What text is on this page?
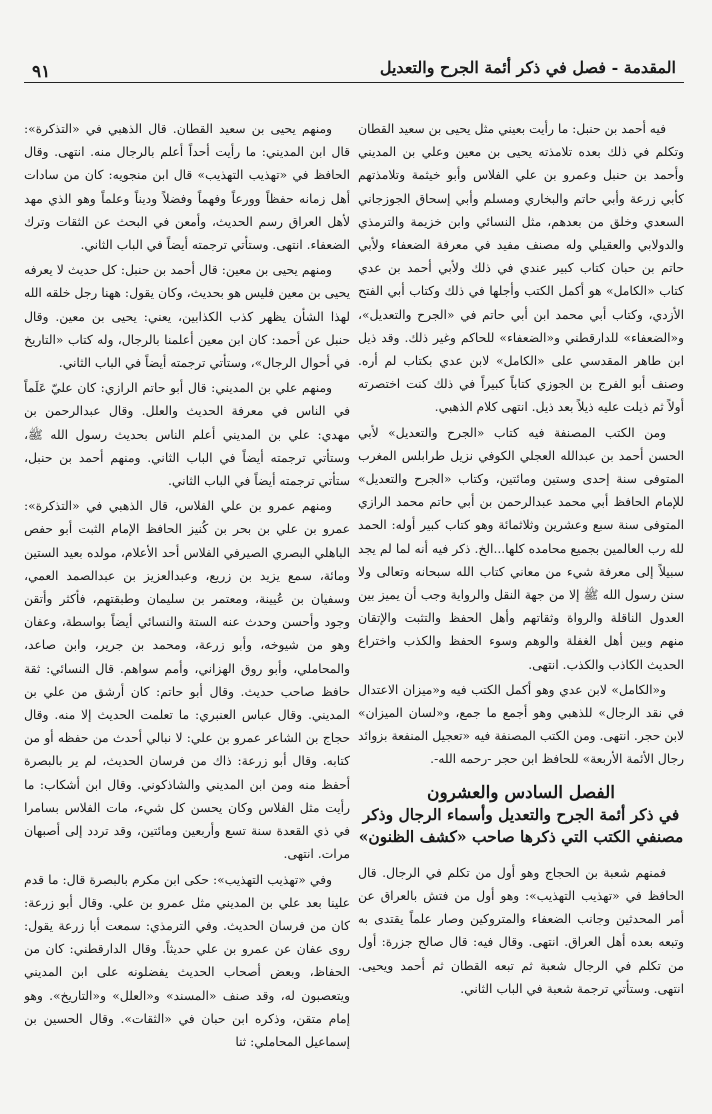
٩١	المقدمة - فصل في ذكر أئمة الجرح والتعديل

فيه أحمد بن حنبل: ما رأيت بعيني مثل يحيى بن سعيد القطان وتكلم في ذلك بعده تلامذته يحيى بن معين وعلي بن المديني وأحمد بن حنبل وعمرو بن علي الفلاس وأبو خيثمة وتلامذتهم كأبي زرعة وأبي حاتم والبخاري ومسلم وأبي إسحاق الجوزجاني السعدي وخلق من بعدهم، مثل النسائي وابن خزيمة والترمذي والدولابي والعقيلي وله مصنف مفيد في معرفة الضعفاء ولأبي حاتم بن حبان كتاب كبير عندي في ذلك ولأبي أحمد بن عدي كتاب «الكامل» هو أكمل الكتب وأجلها في ذلك وكتاب أبي الفتح الأزدي، وكتاب أبي محمد ابن أبي حاتم في «الجرح والتعديل»، و«الضعفاء» للدارقطني و«الضعفاء» للحاكم وغير ذلك. وقد ذيل ابن طاهر المقدسي على «الكامل» لابن عدي بكتاب لم أره. وصنف أبو الفرج بن الجوزي كتاباً كبيراً في ذلك كنت اختصرته أولاً ثم ذيلت عليه ذيلاً بعد ذيل. انتهى كلام الذهبي.

ومن الكتب المصنفة فيه كتاب «الجرح والتعديل» لأبي الحسن أحمد بن عبدالله العجلي الكوفي نزيل طرابلس المغرب المتوفى سنة إحدى وستين ومائتين، وكتاب «الجرح والتعديل» للإمام الحافظ أبي محمد عبدالرحمن بن أبي حاتم محمد الرازي المتوفى سنة سبع وعشرين وثلاثمائة وهو كتاب كبير أوله: الحمد لله رب العالمين بجميع محامده كلها...الخ. ذكر فيه أنه لما لم يجد سبيلاً إلى معرفة شيء من معاني كتاب الله سبحانه وتعالى ولا سنن رسول الله ﷺ إلا من جهة النقل والرواية وجب أن يميز بين العدول الناقلة والرواة وثقاتهم وأهل الحفظ والتثبت والإتقان منهم وبين أهل الغفلة والوهم وسوء الحفظ والكذب واختراع الحديث الكاذب والكذب. انتهى.

و«الكامل» لابن عدي وهو أكمل الكتب فيه و«ميزان الاعتدال في نقد الرجال» للذهبي وهو أجمع ما جمع، و«لسان الميزان» لابن حجر. انتهى. ومن الكتب المصنفة فيه «تعجيل المنفعة بزوائد رجال الأئمة الأربعة» للحافظ ابن حجر -رحمه الله-.

الفصل السادس والعشرون
في ذكر أئمة الجرح والتعديل وأسماء الرجال وذكر
مصنفي الكتب التي ذكرها صاحب «كشف الظنون»

فمنهم شعبة بن الحجاج وهو أول من تكلم في الرجال. قال الحافظ في «تهذيب التهذيب»: وهو أول من فتش بالعراق عن أمر المحدثين وجانب الضعفاء والمتروكين وصار علماً يقتدى به وتبعه بعده أهل العراق. انتهى. وقال فيه: قال صالح جزرة: أول من تكلم في الرجال شعبة ثم تبعه القطان ثم أحمد ويحيى. انتهى. وستأتي ترجمة شعبة في الباب الثاني.

ومنهم يحيى بن سعيد القطان. قال الذهبي في «التذكرة»: قال ابن المديني: ما رأيت أحداً أعلم بالرجال منه. انتهى. وقال الحافظ في «تهذيب التهذيب» قال ابن منجويه: كان من سادات أهل زمانه حفظاً وورعاً وفهماً وفضلاً وديناً وعلماً وهو الذي مهد لأهل العراق رسم الحديث، وأمعن في البحث عن الثقات وترك الضعفاء. انتهى. وستأتي ترجمته أيضاً في الباب الثاني.

ومنهم يحيى بن معين: قال أحمد بن حنبل: كل حديث لا يعرفه يحيى بن معين فليس هو بحديث، وكان يقول: ههنا رجل خلقه الله لهذا الشأن يظهر كذب الكذابين، يعني: يحيى بن معين. وقال حنبل عن أحمد: كان ابن معين أعلمنا بالرجال، وله كتاب «التاريخ في أحوال الرجال»، وستأتي ترجمته أيضاً في الباب الثاني.

ومنهم علي بن المديني: قال أبو حاتم الرازي: كان عليّ عَلَماً في الناس في معرفة الحديث والعلل. وقال عبدالرحمن بن مهدي: علي بن المديني أعلم الناس بحديث رسول الله ﷺ، وستأتي ترجمته أيضاً في الباب الثاني. ومنهم أحمد بن حنبل، ستأتي ترجمته أيضاً في الباب الثاني.

ومنهم عمرو بن علي الفلاس، قال الذهبي في «التذكرة»: عمرو بن علي بن بحر بن كُنيز الحافظ الإمام الثبت أبو حفص الباهلي البصري الصيرفي الفلاس أحد الأعلام، مولده بعيد الستين ومائة، سمع يزيد بن زريع، وعبدالعزيز بن عبدالصمد العمي، وسفيان بن عُيينة، ومعتمر بن سليمان وطبقتهم، فأكثر وأتقن وجود وأحسن وحدث عنه الستة والنسائي أيضاً بواسطة، وعفان وهو من شيوخه، وأبو زرعة، ومحمد بن جرير، وابن صاعد، والمحاملي، وأبو روق الهزاني، وأمم سواهم. قال النسائي: ثقة حافظ صاحب حديث. وقال أبو حاتم: كان أرشق من علي بن المديني. وقال عباس العنبري: ما تعلمت الحديث إلا منه. وقال حجاج بن الشاعر عمرو بن علي: لا نبالي أحدث من حفظه أو من كتابه. وقال أبو زرعة: ذاك من فرسان الحديث، لم ير بالبصرة أحفظ منه ومن ابن المديني والشاذكوني. وقال ابن أشكاب: ما رأيت مثل الفلاس وكان يحسن كل شيء، مات الفلاس بسامرا في ذي القعدة سنة تسع وأربعين ومائتين، وقد تردد إلى أصبهان مرات. انتهى.

وفي «تهذيب التهذيب»: حكى ابن مكرم بالبصرة قال: ما قدم علينا بعد علي بن المديني مثل عمرو بن علي. وقال أبو زرعة: كان من فرسان الحديث. وفي الترمذي: سمعت أبا زرعة يقول: روى عفان عن عمرو بن علي حديثاً. وقال الدارقطني: كان من الحفاظ، وبعض أصحاب الحديث يفضلونه على ابن المديني ويتعصبون له، وقد صنف «المسند» و«العلل» و«التاريخ». وهو إمام متقن، وذكره ابن حبان في «الثقات». وقال الحسين بن إسماعيل المحاملي: ثنا
